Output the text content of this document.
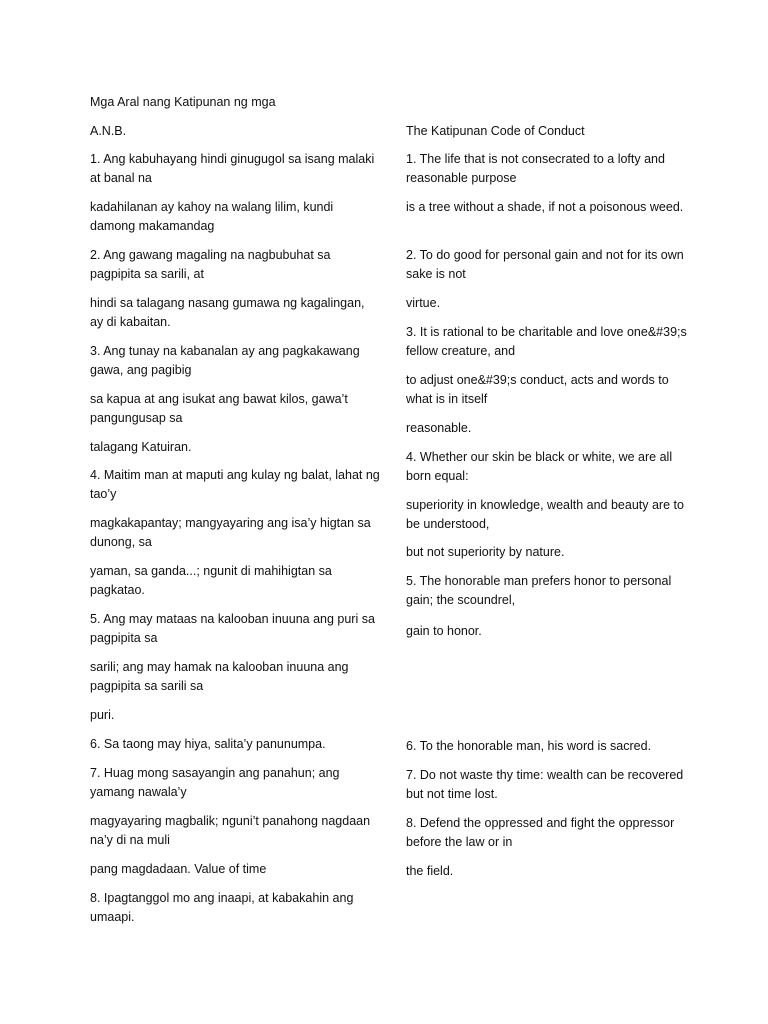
Mga Aral nang Katipunan ng mga

A.N.B.

1. Ang kabuhayang hindi ginugugol sa isang malaki at banal na

kadahilanan ay kahoy na walang lilim, kundi damong makamandag

2. Ang gawang magaling na nagbubuhat sa pagpipita sa sarili, at

hindi sa talagang nasang gumawa ng kagalingan, ay di kabaitan.

3. Ang tunay na kabanalan ay ang pagkakawang gawa, ang pagibig

sa kapua at ang isukat ang bawat kilos, gawa’t pangungusap sa

talagang Katuiran.

4. Maitim man at maputi ang kulay ng balat, lahat ng tao’y

magkakapantay; mangyayaring ang isa’y higtan sa dunong, sa

yaman, sa ganda...; ngunit di mahihigtan sa pagkatao.

5. Ang may mataas na kalooban inuuna ang puri sa pagpipita sa

sarili; ang may hamak na kalooban inuuna ang pagpipita sa sarili sa

puri.

6. Sa taong may hiya, salita’y panunumpa.

7. Huag mong sasayangin ang panahun; ang yamang nawala’y

magyayaring magbalik; nguni’t panahong nagdaan na’y di na muli

pang magdadaan. Value of time

8. Ipagtanggol mo ang inaapi, at kabakahin ang umaapi.

The Katipunan Code of Conduct

1. The life that is not consecrated to a lofty and reasonable purpose

is a tree without a shade, if not a poisonous weed.

2. To do good for personal gain and not for its own sake is not

virtue.

3. It is rational to be charitable and love one&#39;s fellow creature, and

to adjust one&#39;s conduct, acts and words to what is in itself

reasonable.

4. Whether our skin be black or white, we are all born equal:

superiority in knowledge, wealth and beauty are to be understood,

but not superiority by nature.

5. The honorable man prefers honor to personal gain; the scoundrel,

gain to honor.

6. To the honorable man, his word is sacred.

7. Do not waste thy time: wealth can be recovered but not time lost.

8. Defend the oppressed and fight the oppressor before the law or in

the field.
